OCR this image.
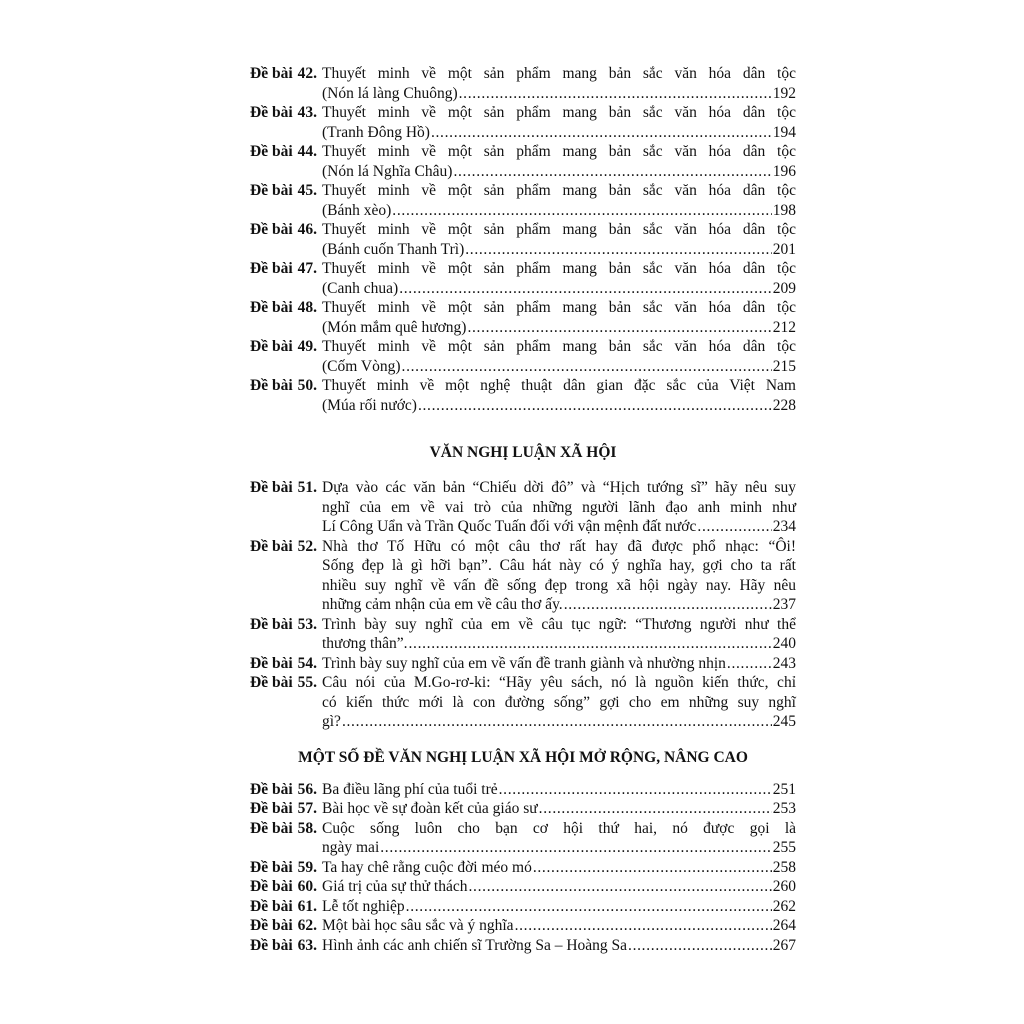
Đề bài 42. Thuyết minh về một sản phẩm mang bản sắc văn hóa dân tộc
(Nón lá làng Chuông) . . .	192
Đề bài 43. Thuyết minh về một sản phẩm mang bản sắc văn hóa dân tộc
(Tranh Đông Hồ) . . .	194
Đề bài 44. Thuyết minh về một sản phẩm mang bản sắc văn hóa dân tộc
(Nón lá Nghĩa Châu) . . .	196
Đề bài 45. Thuyết minh về một sản phẩm mang bản sắc văn hóa dân tộc
(Bánh xèo) . . .	198
Đề bài 46. Thuyết minh về một sản phẩm mang bản sắc văn hóa dân tộc
(Bánh cuốn Thanh Trì) . . .	201
Đề bài 47. Thuyết minh về một sản phẩm mang bản sắc văn hóa dân tộc
(Canh chua) . . .	209
Đề bài 48. Thuyết minh về một sản phẩm mang bản sắc văn hóa dân tộc
(Món mắm quê hương) . . .	212
Đề bài 49. Thuyết minh về một sản phẩm mang bản sắc văn hóa dân tộc
(Cốm Vòng) . . .	215
Đề bài 50. Thuyết minh về một nghệ thuật dân gian đặc sắc của Việt Nam
(Múa rối nước) . . .	228
VĂN NGHỊ LUẬN XÃ HỘI
Đề bài 51. Dựa vào các văn bản “Chiếu dời đô” và “Hịch tướng sĩ” hãy nêu suy
nghĩ của em về vai trò của những người lãnh đạo anh minh như
Lí Công Uẩn và Trần Quốc Tuấn đối với vận mệnh đất nước . . .	234
Đề bài 52. Nhà thơ Tố Hữu có một câu thơ rất hay đã được phổ nhạc: “Ôi!
Sống đẹp là gì hỡi bạn”. Câu hát này có ý nghĩa hay, gợi cho ta rất
nhiều suy nghĩ về vấn đề sống đẹp trong xã hội ngày nay. Hãy nêu
những cảm nhận của em về câu thơ ấy. . . .	237
Đề bài 53. Trình bày suy nghĩ của em về câu tục ngữ: “Thương người như thể
thương thân”. . . .	240
Đề bài 54. Trình bày suy nghĩ của em về vấn đề tranh giành và nhường nhịn . . .	243
Đề bài 55. Câu nói của M.Go-rơ-ki: “Hãy yêu sách, nó là nguồn kiến thức, chỉ
có kiến thức mới là con đường sống” gợi cho em những suy nghĩ
gì? . . .	245
MỘT SỐ ĐỀ VĂN NGHỊ LUẬN XÃ HỘI MỞ RỘNG, NÂNG CAO
Đề bài 56. Ba điều lãng phí của tuổi trẻ . . .	251
Đề bài 57. Bài học về sự đoàn kết của giáo sư . . .	253
Đề bài 58. Cuộc sống luôn cho bạn cơ hội thứ hai, nó được gọi là
ngày mai . . .	255
Đề bài 59. Ta hay chê rằng cuộc đời méo mó . . .	258
Đề bài 60. Giá trị của sự thử thách . . .	260
Đề bài 61. Lễ tốt nghiệp . . .	262
Đề bài 62. Một bài học sâu sắc và ý nghĩa . . .	264
Đề bài 63. Hình ảnh các anh chiến sĩ Trường Sa – Hoàng Sa . . .	267
